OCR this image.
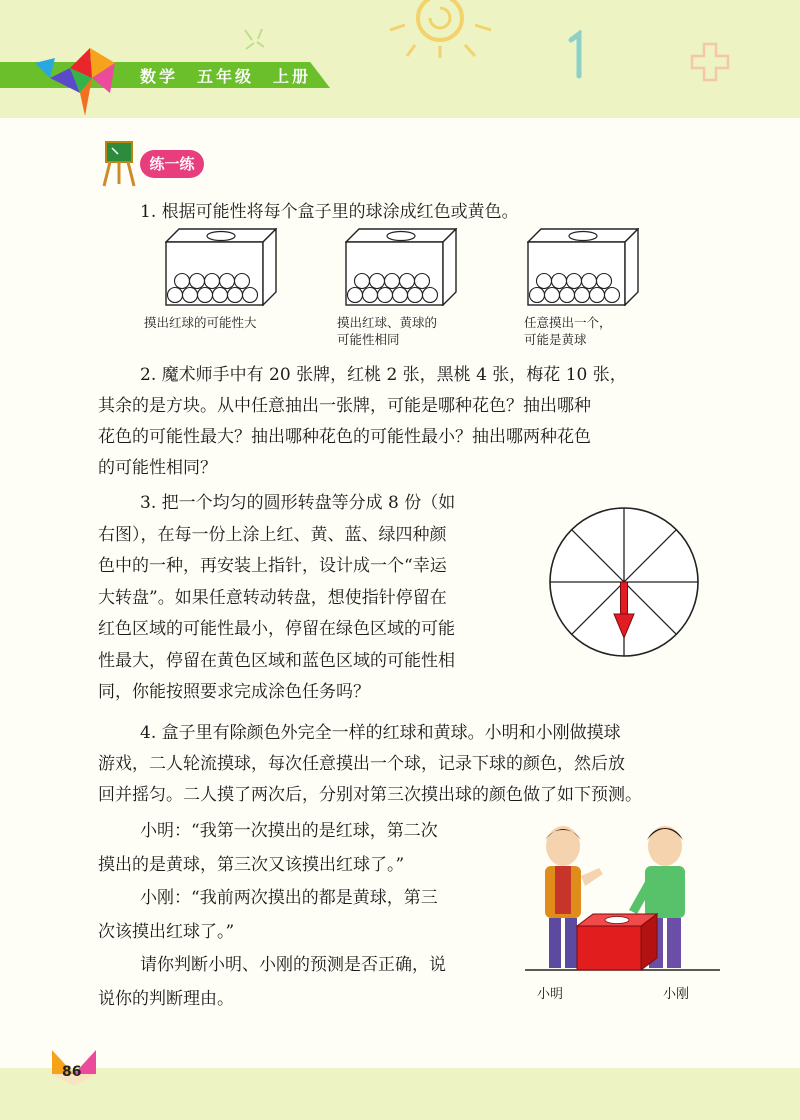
数学　五年级　上册
练一练
1. 根据可能性将每个盒子里的球涂成红色或黄色。
摸出红球的可能性大	摸出红球、黄球的
可能性相同
任意摸出一个，
可能是黄球
2. 魔术师手中有 20 张牌，红桃 2 张，黑桃 4 张，梅花 10 张，
其余的是方块。从中任意抽出一张牌，可能是哪种花色？抽出哪种
花色的可能性最大？抽出哪种花色的可能性最小？抽出哪两种花色
的可能性相同？
3. 把一个均匀的圆形转盘等分成 8 份（如
右图），在每一份上涂上红、黄、蓝、绿四种颜
色中的一种，再安装上指针，设计成一个“幸运
大转盘”。如果任意转动转盘，想使指针停留在
红色区域的可能性最小，停留在绿色区域的可能
性最大，停留在黄色区域和蓝色区域的可能性相
同，你能按照要求完成涂色任务吗？
4. 盒子里有除颜色外完全一样的红球和黄球。小明和小刚做摸球
游戏，二人轮流摸球，每次任意摸出一个球，记录下球的颜色，然后放
回并摇匀。二人摸了两次后，分别对第三次摸出球的颜色做了如下预测。
小明：“我第一次摸出的是红球，第二次
摸出的是黄球，第三次又该摸出红球了。”
小刚：“我前两次摸出的都是黄球，第三
次该摸出红球了。”
请你判断小明、小刚的预测是否正确，说
说你的判断理由。	小明	小刚
86
